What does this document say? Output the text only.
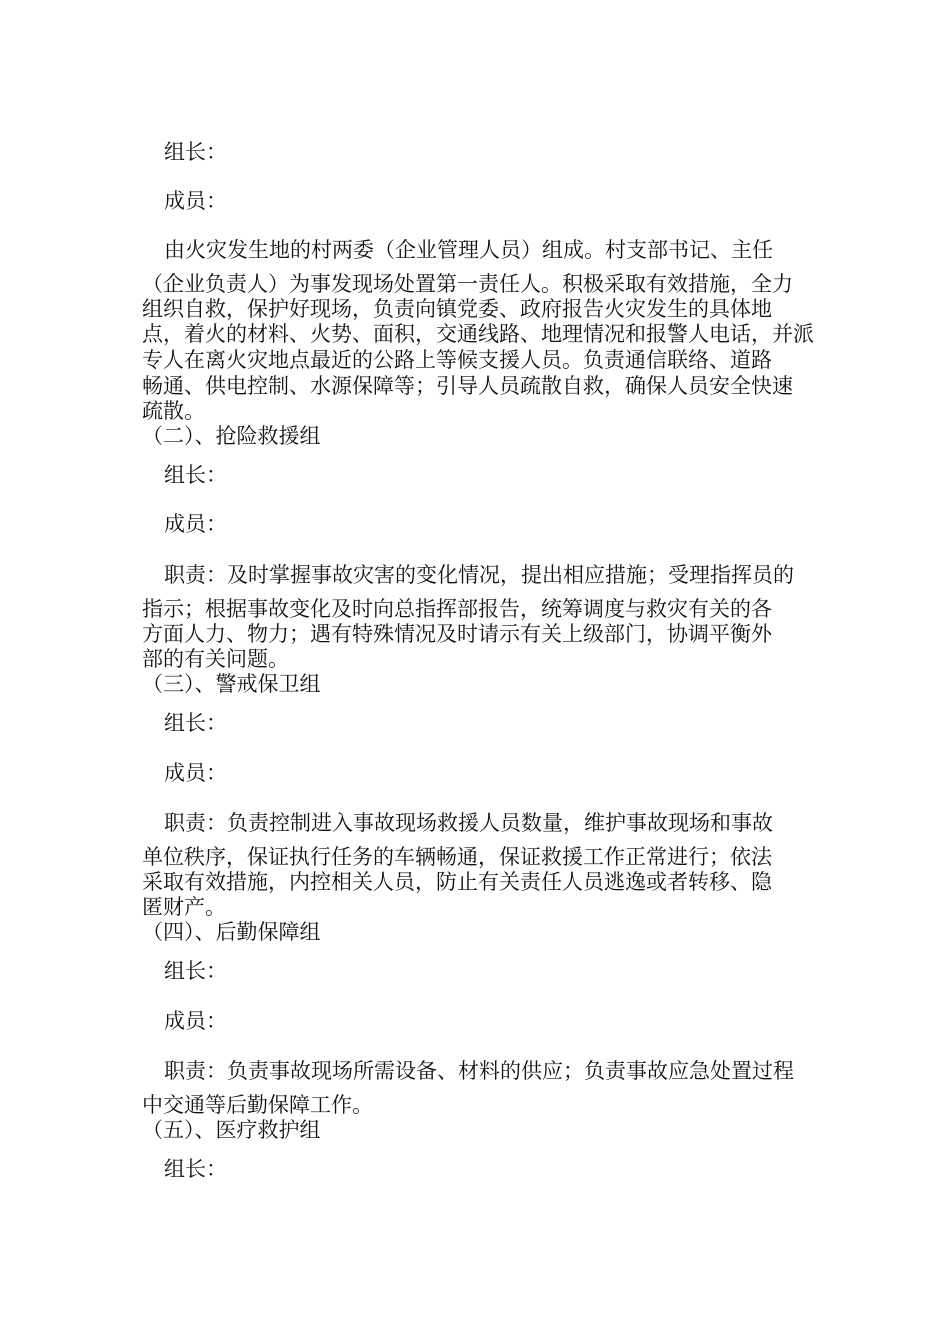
组长：
成员：
由火灾发生地的村两委（企业管理人员）组成。村支部书记、主任
（企业负责人）为事发现场处置第一责任人。积极采取有效措施，全力
组织自救，保护好现场，负责向镇党委、政府报告火灾发生的具体地
点，着火的材料、火势、面积，交通线路、地理情况和报警人电话，并派
专人在离火灾地点最近的公路上等候支援人员。负责通信联络、道路
畅通、供电控制、水源保障等；引导人员疏散自救，确保人员安全快速
疏散。
（二）、抢险救援组
组长：
成员：
职责：及时掌握事故灾害的变化情况，提出相应措施；受理指挥员的
指示；根据事故变化及时向总指挥部报告，统筹调度与救灾有关的各
方面人力、物力；遇有特殊情况及时请示有关上级部门，协调平衡外
部的有关问题。
（三）、警戒保卫组
组长：
成员：
职责：负责控制进入事故现场救援人员数量，维护事故现场和事故
单位秩序，保证执行任务的车辆畅通，保证救援工作正常进行；依法
采取有效措施，内控相关人员，防止有关责任人员逃逸或者转移、隐
匿财产。
（四）、后勤保障组
组长：
成员：
职责：负责事故现场所需设备、材料的供应；负责事故应急处置过程
中交通等后勤保障工作。
（五）、医疗救护组
组长：
